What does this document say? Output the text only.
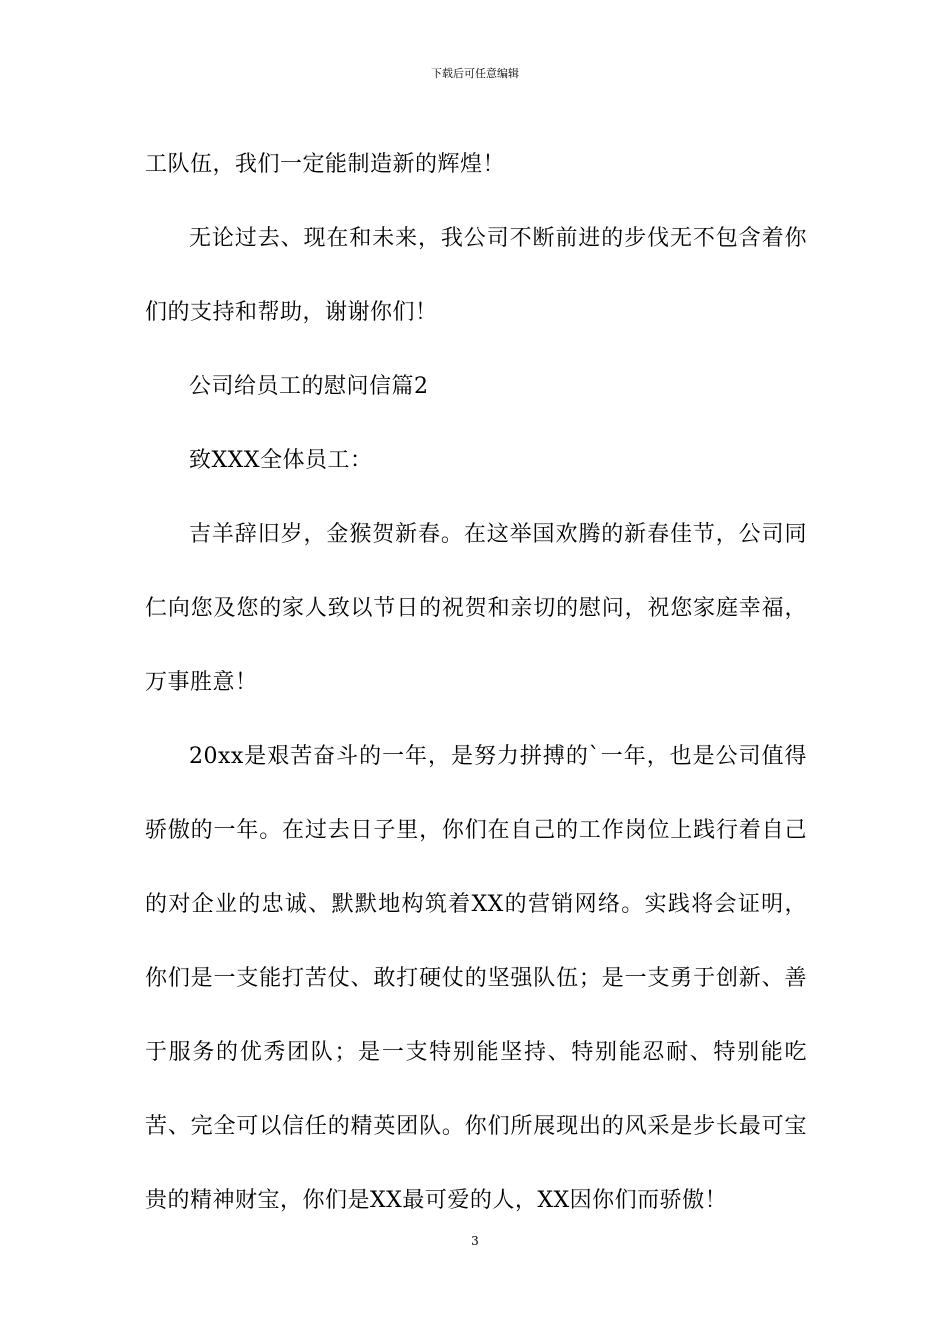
下载后可任意编辑

工队伍，我们一定能制造新的辉煌！

无论过去、现在和未来，我公司不断前进的步伐无不包含着你们的支持和帮助，谢谢你们！

公司给员工的慰问信篇2

致XXX全体员工：

吉羊辞旧岁，金猴贺新春。在这举国欢腾的新春佳节，公司同仁向您及您的家人致以节日的祝贺和亲切的慰问，祝您家庭幸福，万事胜意！

20xx是艰苦奋斗的一年，是努力拼搏的`一年，也是公司值得骄傲的一年。在过去日子里，你们在自己的工作岗位上践行着自己的对企业的忠诚、默默地构筑着XX的营销网络。实践将会证明，你们是一支能打苦仗、敢打硬仗的坚强队伍；是一支勇于创新、善于服务的优秀团队；是一支特别能坚持、特别能忍耐、特别能吃苦、完全可以信任的精英团队。你们所展现出的风采是步长最可宝贵的精神财宝，你们是XX最可爱的人，XX因你们而骄傲！

3
